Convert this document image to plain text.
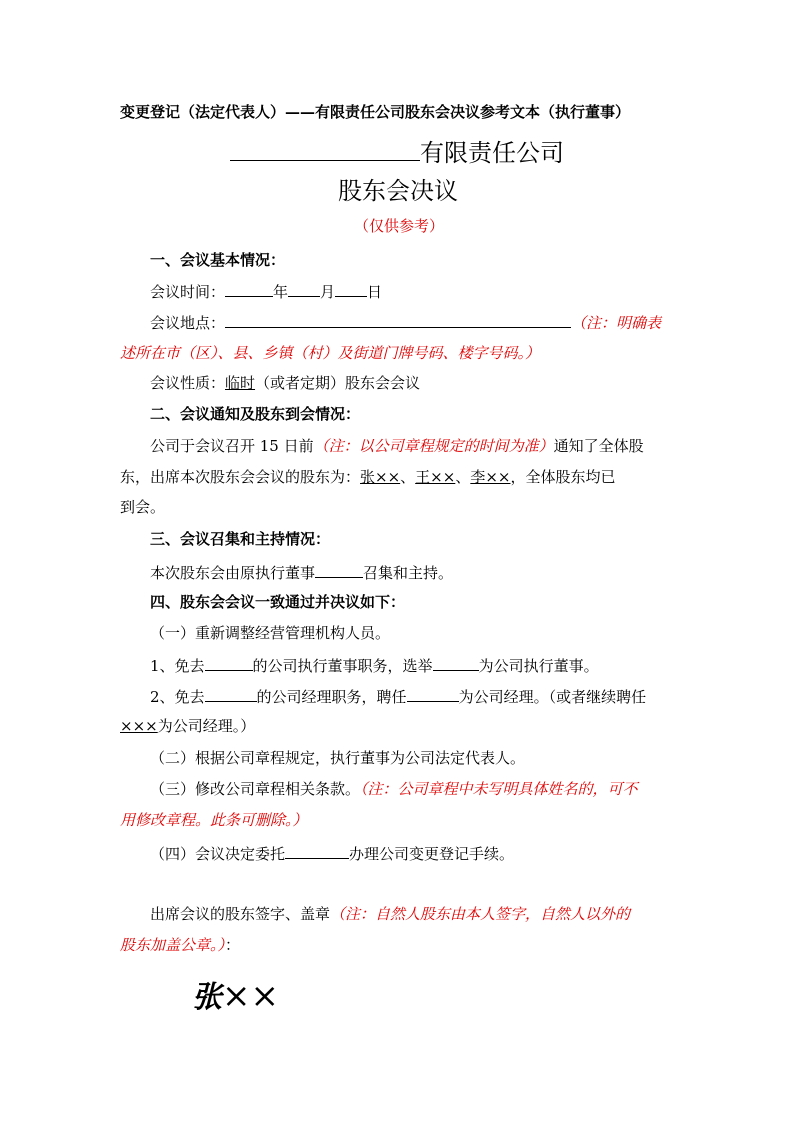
变更登记（法定代表人）——有限责任公司股东会决议参考文本（执行董事）
有限责任公司
股东会决议
（仅供参考）
一、会议基本情况：
会议时间：	年 月 日
会议地点：	（注：明确表
述所在市（区）、县、乡镇（村）及街道门牌号码、楼字号码。）
会议性质：临时（或者定期）股东会会议
二、会议通知及股东到会情况：
公司于会议召开 15 日前（注：以公司章程规定的时间为准）通知了全体股
东，出席本次股东会会议的股东为：张××、王××、李××，全体股东均已
到会。
三、会议召集和主持情况：
本次股东会由原执行董事	召集和主持。
四、股东会会议一致通过并决议如下：
（一）重新调整经营管理机构人员。
1、免去	的公司执行董事职务，选举	为公司执行董事。
2、免去	的公司经理职务，聘任	为公司经理。（或者继续聘任
×××为公司经理。）
（二）根据公司章程规定，执行董事为公司法定代表人。
（三）修改公司章程相关条款。（注：公司章程中未写明具体姓名的，可不
用修改章程。此条可删除。）
（四）会议决定委托	办理公司变更登记手续。
出席会议的股东签字、盖章（注：自然人股东由本人签字，自然人以外的
股东加盖公章。）：
张××
